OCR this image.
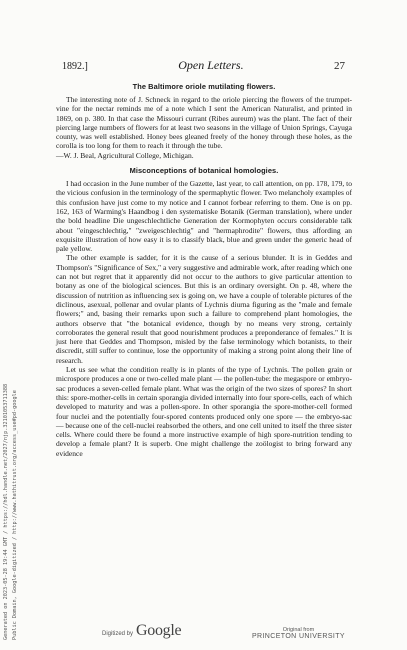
1892.]	Open Letters.	27
The Baltimore oriole mutilating flowers.

The interesting note of J. Schneck in regard to the oriole piercing the flowers of the trumpet-vine for the nectar reminds me of a note which I sent the American Naturalist, and printed in 1869, on p. 380. In that case the Missouri currant (Ribes aureum) was the plant. The fact of their piercing large numbers of flowers for at least two seasons in the village of Union Springs, Cayuga county, was well established. Honey bees gleaned freely of the honey through these holes, as the corolla is too long for them to reach it through the tube.

—W. J. Beal, Agricultural College, Michigan.

Misconceptions of botanical homologies.

I had occasion in the June number of the Gazette, last year, to call attention, on pp. 178, 179, to the vicious confusion in the terminology of the spermaphytic flower. Two melancholy examples of this confusion have just come to my notice and I cannot forbear referring to them. One is on pp. 162, 163 of Warming's Haandbog i den systematiske Botanik (German translation), where under the bold headline Die ungeschlechtliche Generation der Kormophyten occurs considerable talk about "eingeschlechtig," "zweigeschlechtig" and "hermaphrodite" flowers, thus affording an exquisite illustration of how easy it is to classify black, blue and green under the generic head of pale yellow.

The other example is sadder, for it is the cause of a serious blunder. It is in Geddes and Thompson's "Significance of Sex," a very suggestive and admirable work, after reading which one can not but regret that it apparently did not occur to the authors to give particular attention to botany as one of the biological sciences. But this is an ordinary oversight. On p. 48, where the discussion of nutrition as influencing sex is going on, we have a couple of tolerable pictures of the diclinous, asexual, pollenar and ovular plants of Lychnis diurna figuring as the "male and female flowers;" and, basing their remarks upon such a failure to comprehend plant homologies, the authors observe that "the botanical evidence, though by no means very strong, certainly corroborates the general result that good nourishment produces a preponderance of females." It is just here that Geddes and Thompson, misled by the false terminology which botanists, to their discredit, still suffer to continue, lose the opportunity of making a strong point along their line of research.

Let us see what the condition really is in plants of the type of Lychnis. The pollen grain or microspore produces a one or two-celled male plant — the pollen-tube: the megaspore or embryo-sac produces a seven-celled female plant. What was the origin of the two sizes of spores? In short this: spore-mother-cells in certain sporangia divided internally into four spore-cells, each of which developed to maturity and was a pollen-spore. In other sporangia the spore-mother-cell formed four nuclei and the potentially four-spored contents produced only one spore — the embryo-sac — because one of the cell-nuclei reabsorbed the others, and one cell united to itself the three sister cells. Where could there be found a more instructive example of high spore-nutrition tending to develop a female plant? It is superb. One might challenge the zoölogist to bring forward any evidence

Generated on 2023-05-28 19:44 GMT / https://hdl.handle.net/2027/njp.32101053711388 Public Domain, Google-digitized / http://www.hathitrust.org/access_use#pd-google	Digitized by Google	Original from
PRINCETON UNIVERSITY
